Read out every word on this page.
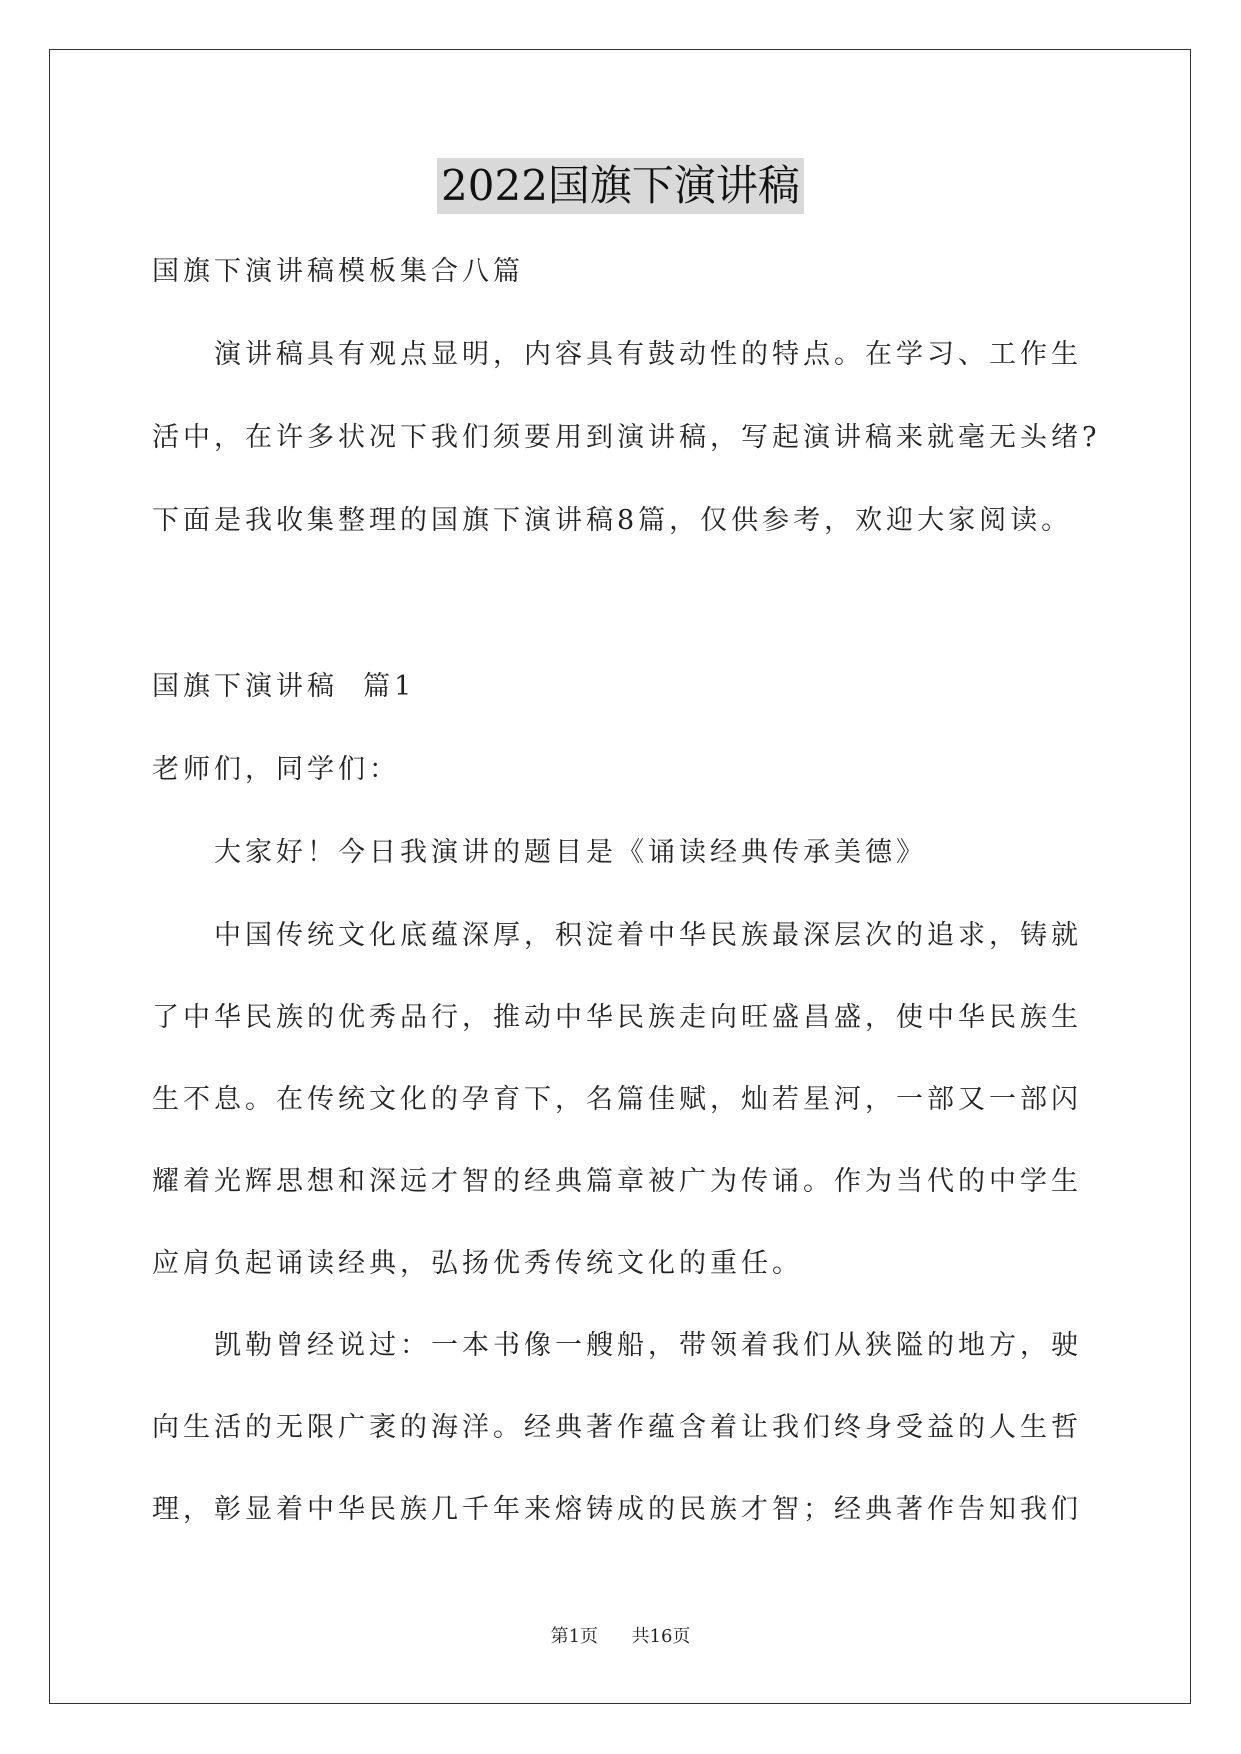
2022国旗下演讲稿
国旗下演讲稿模板集合八篇
演讲稿具有观点显明，内容具有鼓动性的特点。在学习、工作生
活中，在许多状况下我们须要用到演讲稿，写起演讲稿来就毫无头绪?
下面是我收集整理的国旗下演讲稿8篇，仅供参考，欢迎大家阅读。
国旗下演讲稿  篇1
老师们，同学们：
大家好！今日我演讲的题目是《诵读经典传承美德》
中国传统文化底蕴深厚，积淀着中华民族最深层次的追求，铸就
了中华民族的优秀品行，推动中华民族走向旺盛昌盛，使中华民族生
生不息。在传统文化的孕育下，名篇佳赋，灿若星河，一部又一部闪
耀着光辉思想和深远才智的经典篇章被广为传诵。作为当代的中学生
应肩负起诵读经典，弘扬优秀传统文化的重任。
凯勒曾经说过：一本书像一艘船，带领着我们从狭隘的地方，驶
向生活的无限广袤的海洋。经典著作蕴含着让我们终身受益的人生哲
理，彰显着中华民族几千年来熔铸成的民族才智；经典著作告知我们
第1页 共16页
